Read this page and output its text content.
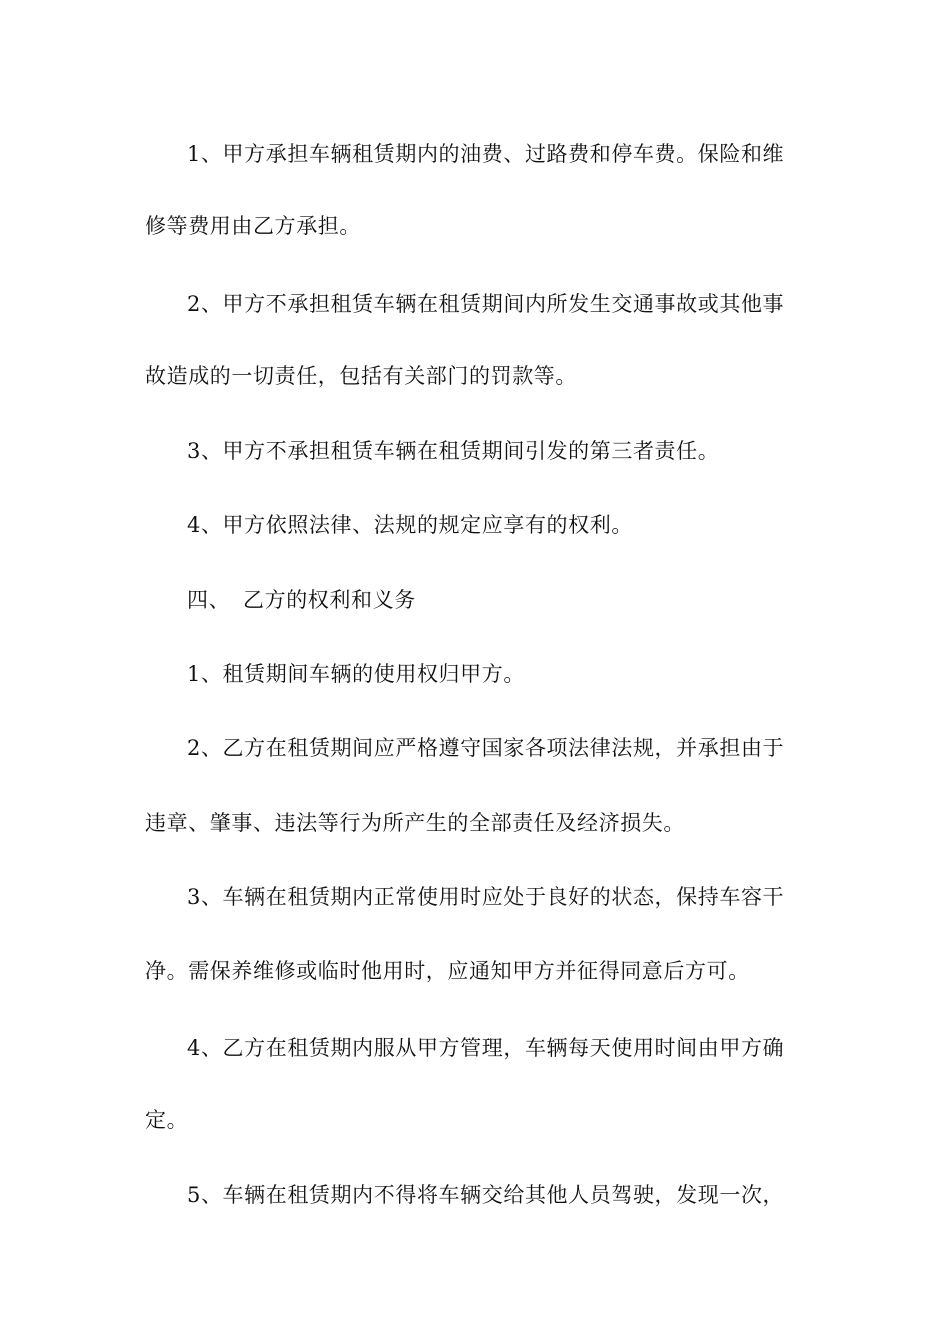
1、甲方承担车辆租赁期内的油费、过路费和停车费。保险和维
修等费用由乙方承担。
2、甲方不承担租赁车辆在租赁期间内所发生交通事故或其他事
故造成的一切责任，包括有关部门的罚款等。
3、甲方不承担租赁车辆在租赁期间引发的第三者责任。
4、甲方依照法律、法规的规定应享有的权利。
四、 乙方的权利和义务
1、租赁期间车辆的使用权归甲方。
2、乙方在租赁期间应严格遵守国家各项法律法规，并承担由于
违章、肇事、违法等行为所产生的全部责任及经济损失。
3、车辆在租赁期内正常使用时应处于良好的状态，保持车容干
净。需保养维修或临时他用时，应通知甲方并征得同意后方可。
4、乙方在租赁期内服从甲方管理，车辆每天使用时间由甲方确
定。
5、车辆在租赁期内不得将车辆交给其他人员驾驶，发现一次，
